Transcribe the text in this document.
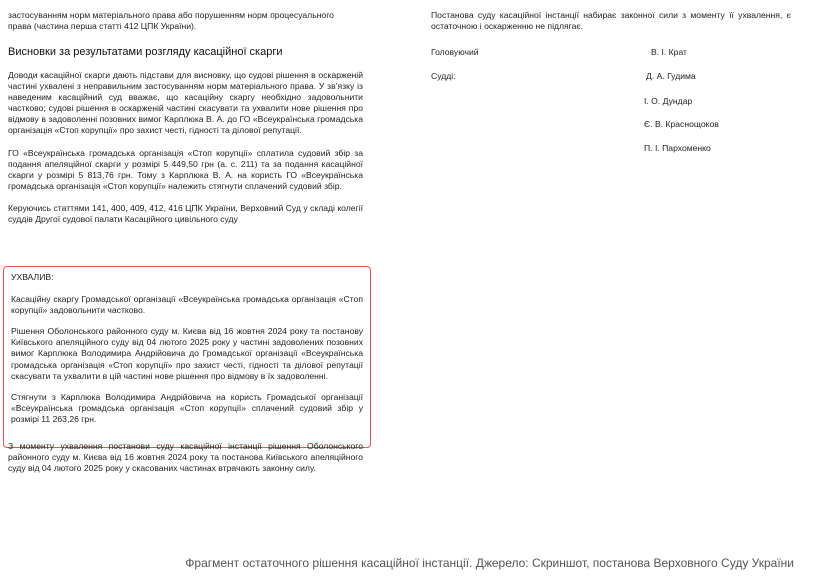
застосуванням норм матеріального права або порушенням норм процесуального
права (частина перша статті 412 ЦПК України).
Висновки за результатами розгляду касаційної скарги
Доводи касаційної скарги дають підстави для висновку, що судові рішення в оскарженій частині ухвалені з неправильним застосуванням норм матеріального права. У зв’язку із наведеним касаційний суд вважає, що касаційну скаргу необхідно задовольнити частково; судові рішення в оскарженій частині скасувати та ухвалити нове рішення про відмову в задоволенні позовних вимог Карплюка В. А. до ГО «Всеукраїнська громадська організація «Стоп корупції» про захист честі, гідності та ділової репутації.
ГО «Всеукраїнська громадська організація «Стоп корупції» сплатила судовий збір за подання апеляційної скарги у розмірі 5 449,50 грн (а. с. 211) та за подання касаційної скарги у розмірі 5 813,76 грн. Тому з Карплюка В. А. на користь ГО «Всеукраїнська громадська організація «Стоп корупції» належить стягнути сплачений судовий збір.
Керуючись статтями 141, 400, 409, 412, 416 ЦПК України, Верховний Суд у складі колегії суддів Другої судової палати Касаційного цивільного суду
УХВАЛИВ:
Касаційну скаргу Громадської організації «Всеукраїнська громадська організація «Стоп корупції» задовольнити частково.
Рішення Оболонського районного суду м. Києва від 16 жовтня 2024 року та постанову Київського апеляційного суду від 04 лютого 2025 року у частині задоволених позовних вимог Карплюка Володимира Андрійовича до Громадської організації «Всеукраїнська громадська організація «Стоп корупції» про захист честі, гідності та ділової репутації скасувати та ухвалити в цій частині нове рішення про відмову в їх задоволенні.
Стягнути з Карплюка Володимира Андрійовича на користь Громадської організації «Всеукраїнська громадська організація «Стоп корупції» сплачений судовий збір у розмірі 11 263,26 грн.
З моменту ухвалення постанови суду касаційної інстанції рішення Оболонського районного суду м. Києва від 16 жовтня 2024 року та постанова Київського апеляційного суду від 04 лютого 2025 року у скасованих частинах втрачають законну силу.
Постанова суду касаційної інстанції набирає законної сили з моменту її ухвалення, є остаточною і оскарженню не підлягає.
Головуючий	В. І. Крат
Судді:	Д. А. Гудима
І. О. Дундар
Є. В. Краснощоков
П. І. Пархоменко
Фрагмент остаточного рішення касаційної інстанції. Джерело: Скриншот, постанова Верховного Суду України
